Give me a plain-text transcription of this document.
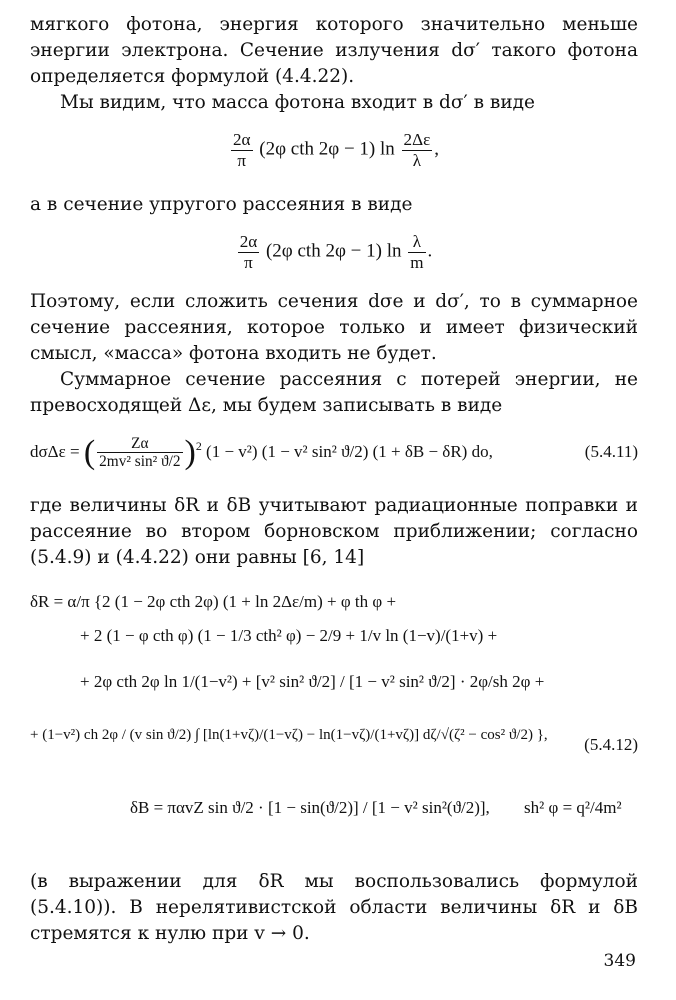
мягкого фотона, энергия которого значительно меньше энергии электрона. Сечение излучения dσ′ такого фотона определяется формулой (4.4.22).

Мы видим, что масса фотона входит в dσ′ в виде

$\frac{2\alpha}{\pi} (2\varphi$ cth 2φ − 1) $\ln \frac{2\Delta\varepsilon}{\lambda}$ ,

а в сечение упругого рассеяния в виде

$\frac{2\alpha}{\pi} (2\varphi$ cth 2φ − 1) $\ln \frac{\lambda}{m}$ .

Поэтому, если сложить сечения dσe и dσ′, то в суммарное сечение рассеяния, которое только и имеет физический смысл, «масса» фотона входить не будет.

Суммарное сечение рассеяния с потерей энергии, не превосходящей Δε, мы будем записывать в виде

dσΔε = ( $\frac{Z\alpha}{\text{2mv² sin² ϑ/2}} )^2$ (1 − v²) (1 − v² sin² ϑ/2) (1 + δB − δR) do,	(5.4.11)

где величины δR и δB учитывают радиационные поправки и рассеяние во втором борновском приближении; согласно (5.4.9) и (4.4.22) они равны [6, 14]

δR = α/π {2 (1 − 2φ cth 2φ) (1 + ln 2Δε/m) + φ th φ +
+ 2 (1 − φ cth φ) (1 − 1/3 cth² φ) − 2/9 + 1/v ln (1−v)/(1+v) +
+ 2φ cth 2φ ln 1/(1−v²) + [v² sin² ϑ/2] / [1 − v² sin² ϑ/2] · 2φ/sh 2φ +
+ (1−v²) ch 2φ / (v sin ϑ/2) ∫ [ln(1+vζ)/(1−vζ) − ln(1−vζ)/(1+vζ)] dζ/√(ζ² − cos² ϑ/2) }, (5.4.12)
δB = παvZ sin ϑ/2 · [1 − sin(ϑ/2)] / [1 − v² sin²(ϑ/2)], sh² φ = q²/4m²

(в выражении для δR мы воспользовались формулой (5.4.10)). В нерелятивистской области величины δR и δB стремятся к нулю при v → 0.

349
